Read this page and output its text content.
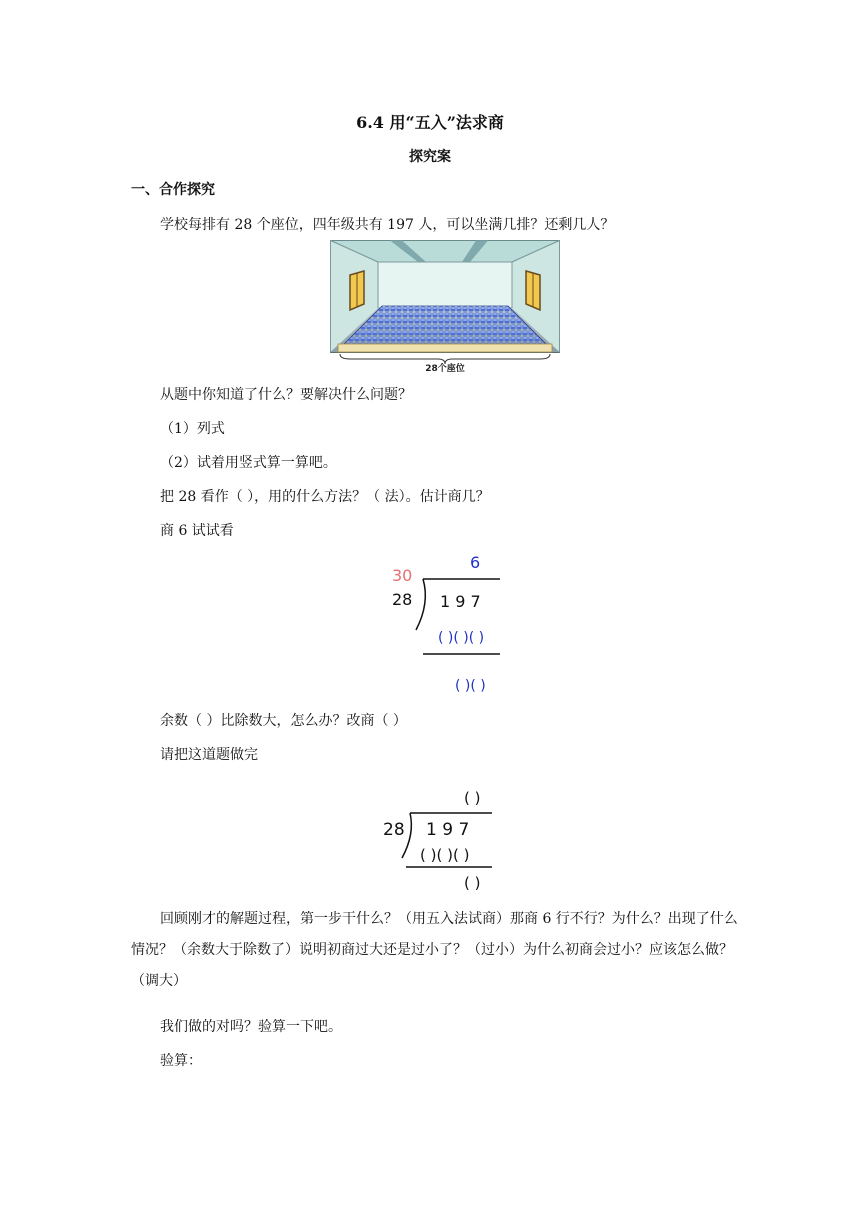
6.4 用“五入”法求商
探究案
一、合作探究
学校每排有 28 个座位，四年级共有 197 人，可以坐满几排？还剩几人？
28个座位
从题中你知道了什么？要解决什么问题？
（1）列式
（2）试着用竖式算一算吧。
把 28 看作（ ），用的什么方法？（ 法）。估计商几？
商 6 试试看
30
6
28 1 9 7
( )( )( )
( )( )
余数（ ）比除数大，怎么办？改商（ ）
请把这道题做完
( )
28 1 9 7
( )( )( )
( )
回顾刚才的解题过程，第一步干什么？（用五入法试商）那商 6 行不行？为什么？出现了什么情况？（余数大于除数了）说明初商过大还是过小了？（过小）为什么初商会过小？应该怎么做？（调大）
我们做的对吗？验算一下吧。
验算：
